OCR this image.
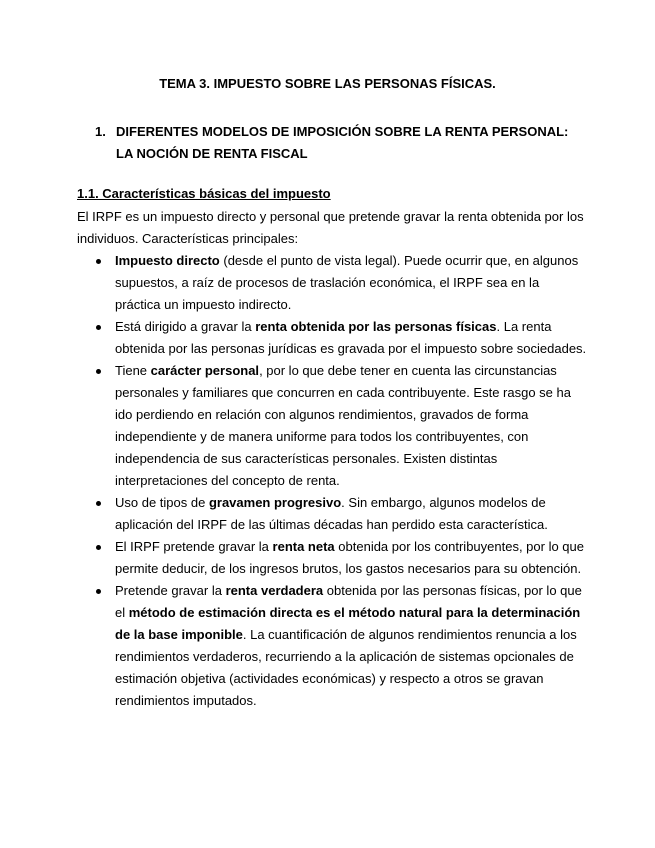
TEMA 3. IMPUESTO SOBRE LAS PERSONAS FÍSICAS.
1. DIFERENTES MODELOS DE IMPOSICIÓN SOBRE LA RENTA PERSONAL:
LA NOCIÓN DE RENTA FISCAL
1.1. Características básicas del impuesto
El IRPF es un impuesto directo y personal que pretende gravar la renta obtenida por los individuos. Características principales:
Impuesto directo (desde el punto de vista legal). Puede ocurrir que, en algunos supuestos, a raíz de procesos de traslación económica, el IRPF sea en la práctica un impuesto indirecto.
Está dirigido a gravar la renta obtenida por las personas físicas. La renta obtenida por las personas jurídicas es gravada por el impuesto sobre sociedades.
Tiene carácter personal, por lo que debe tener en cuenta las circunstancias personales y familiares que concurren en cada contribuyente. Este rasgo se ha ido perdiendo en relación con algunos rendimientos, gravados de forma independiente y de manera uniforme para todos los contribuyentes, con independencia de sus características personales. Existen distintas interpretaciones del concepto de renta.
Uso de tipos de gravamen progresivo. Sin embargo, algunos modelos de aplicación del IRPF de las últimas décadas han perdido esta característica.
El IRPF pretende gravar la renta neta obtenida por los contribuyentes, por lo que permite deducir, de los ingresos brutos, los gastos necesarios para su obtención.
Pretende gravar la renta verdadera obtenida por las personas físicas, por lo que el método de estimación directa es el método natural para la determinación de la base imponible. La cuantificación de algunos rendimientos renuncia a los rendimientos verdaderos, recurriendo a la aplicación de sistemas opcionales de estimación objetiva (actividades económicas) y respecto a otros se gravan rendimientos imputados.
